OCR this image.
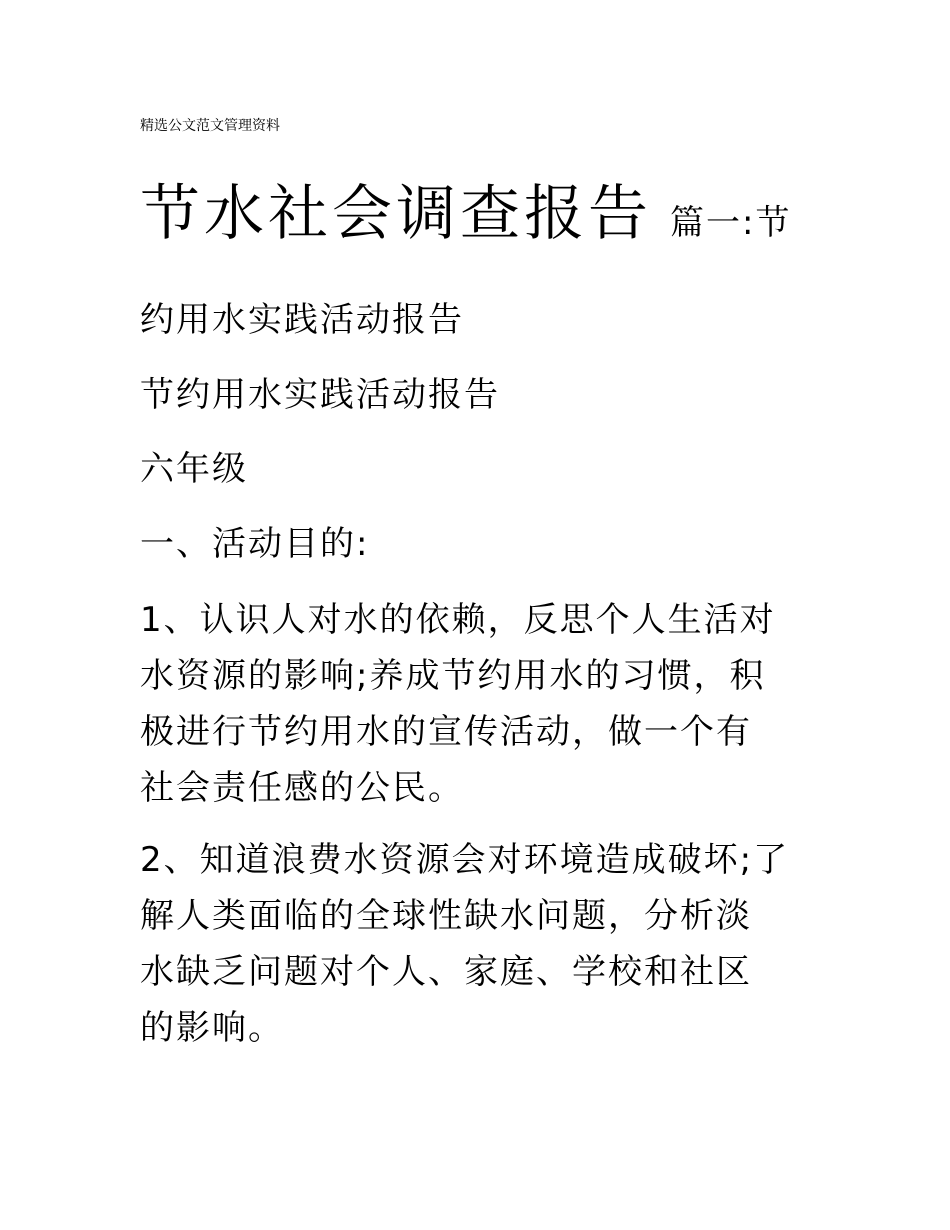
精选公文范文管理资料
节水社会调查报告 篇一:节
约用水实践活动报告
节约用水实践活动报告
六年级
一、活动目的:
1、认识人对水的依赖，反思个人生活对
水资源的影响;养成节约用水的习惯，积
极进行节约用水的宣传活动，做一个有
社会责任感的公民。
2、知道浪费水资源会对环境造成破坏;了
解人类面临的全球性缺水问题，分析淡
水缺乏问题对个人、家庭、学校和社区
的影响。
